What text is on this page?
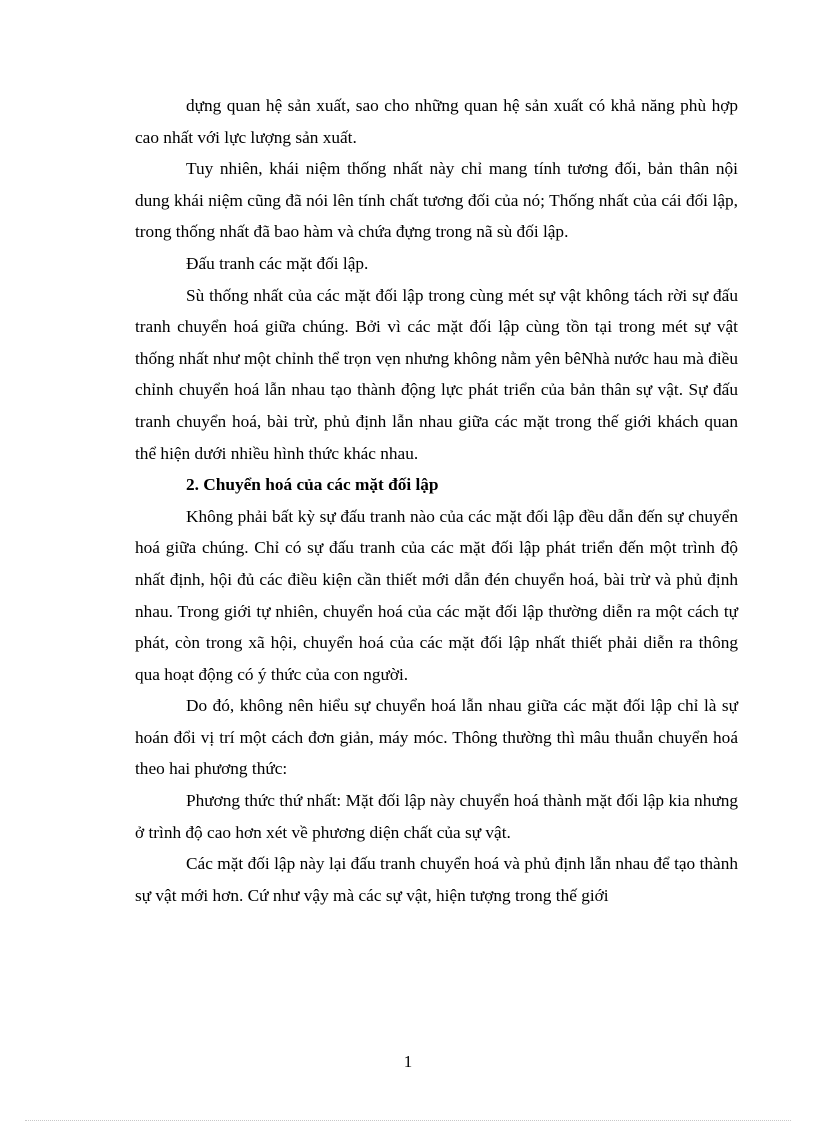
dựng quan hệ sản xuất, sao cho những quan hệ sản xuất có khả năng phù hợp cao nhất với lực lượng sản xuất.

Tuy nhiên, khái niệm thống nhất này chỉ mang tính tương đối, bản thân nội dung khái niệm cũng đã nói lên tính chất tương đối của nó; Thống nhất của cái đối lập, trong thống nhất đã bao hàm và chứa đựng trong nã sù đối lập.

Đấu tranh các mặt đối lập.

Sù thống nhất của các mặt đối lập trong cùng mét sự vật không tách rời sự đấu tranh chuyển hoá giữa chúng. Bởi vì các mặt đối lập cùng tồn tại trong mét sự vật thống nhất như một chỉnh thể trọn vẹn nhưng không nằm yên bêNhà nước hau mà điều chỉnh chuyển hoá lẫn nhau tạo thành động lực phát triển của bản thân sự vật. Sự đấu tranh chuyển hoá, bài trừ, phủ định lẫn nhau giữa các mặt trong thế giới khách quan thể hiện dưới nhiều hình thức khác nhau.

2. Chuyển hoá của các mặt đối lập

Không phải bất kỳ sự đấu tranh nào của các mặt đối lập đều dẫn đến sự chuyển hoá giữa chúng. Chỉ có sự đấu tranh của các mặt đối lập phát triển đến một trình độ nhất định, hội đủ các điều kiện cần thiết mới dẫn đén chuyển hoá, bài trừ và phủ định nhau. Trong giới tự nhiên, chuyển hoá của các mặt đối lập thường diễn ra một cách tự phát, còn trong xã hội, chuyển hoá của các mặt đối lập nhất thiết phải diễn ra thông qua hoạt động có ý thức của con người.

Do đó, không nên hiểu sự chuyển hoá lẫn nhau giữa các mặt đối lập chỉ là sự hoán đổi vị trí một cách đơn giản, máy móc. Thông thường thì mâu thuẫn chuyển hoá theo hai phương thức:

Phương thức thứ nhất: Mặt đối lập này chuyển hoá thành mặt đối lập kia nhưng ở trình độ cao hơn xét về phương diện chất của sự vật.

Các mặt đối lập này lại đấu tranh chuyển hoá và phủ định lẫn nhau để tạo thành sự vật mới hơn. Cứ như vậy mà các sự vật, hiện tượng trong thế giới

1
